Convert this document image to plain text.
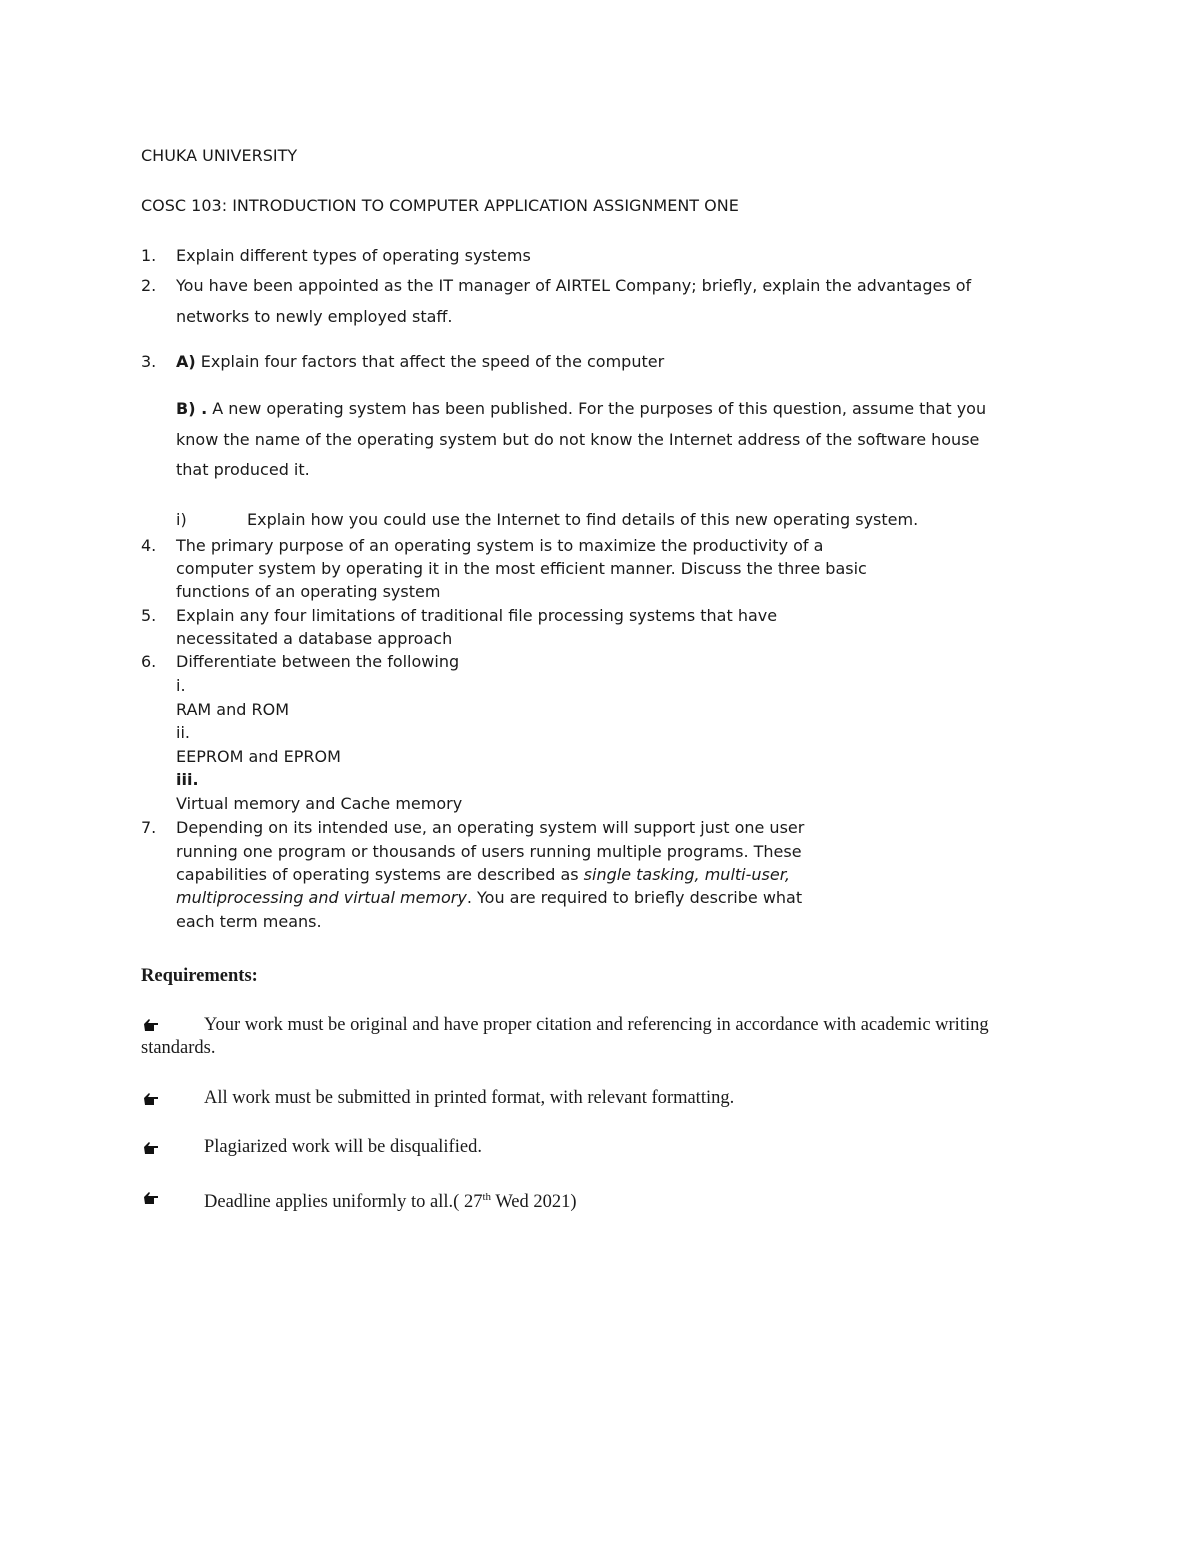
CHUKA UNIVERSITY
COSC 103: INTRODUCTION TO COMPUTER APPLICATION ASSIGNMENT ONE
1. Explain different types of operating systems
2. You have been appointed as the IT manager of AIRTEL Company; briefly, explain the advantages of
networks to newly employed staff.
3. A) Explain four factors that affect the speed of the computer
B) . A new operating system has been published. For the purposes of this question, assume that you
know the name of the operating system but do not know the Internet address of the software house
that produced it.
i)	Explain how you could use the Internet to find details of this new operating system.
4. The primary purpose of an operating system is to maximize the productivity of a
computer system by operating it in the most efficient manner. Discuss the three basic
functions of an operating system
5. Explain any four limitations of traditional file processing systems that have
necessitated a database approach
6. Differentiate between the following
i.
RAM and ROM
ii.
EEPROM and EPROM
iii.
Virtual memory and Cache memory
7. Depending on its intended use, an operating system will support just one user
running one program or thousands of users running multiple programs. These
capabilities of operating systems are described as single tasking, multi-user,
multiprocessing and virtual memory. You are required to briefly describe what
each term means.
Requirements:
Your work must be original and have proper citation and referencing in accordance with academic writing
standards.
All work must be submitted in printed format, with relevant formatting.
Plagiarized work will be disqualified.
Deadline applies uniformly to all.( 27th Wed 2021)
